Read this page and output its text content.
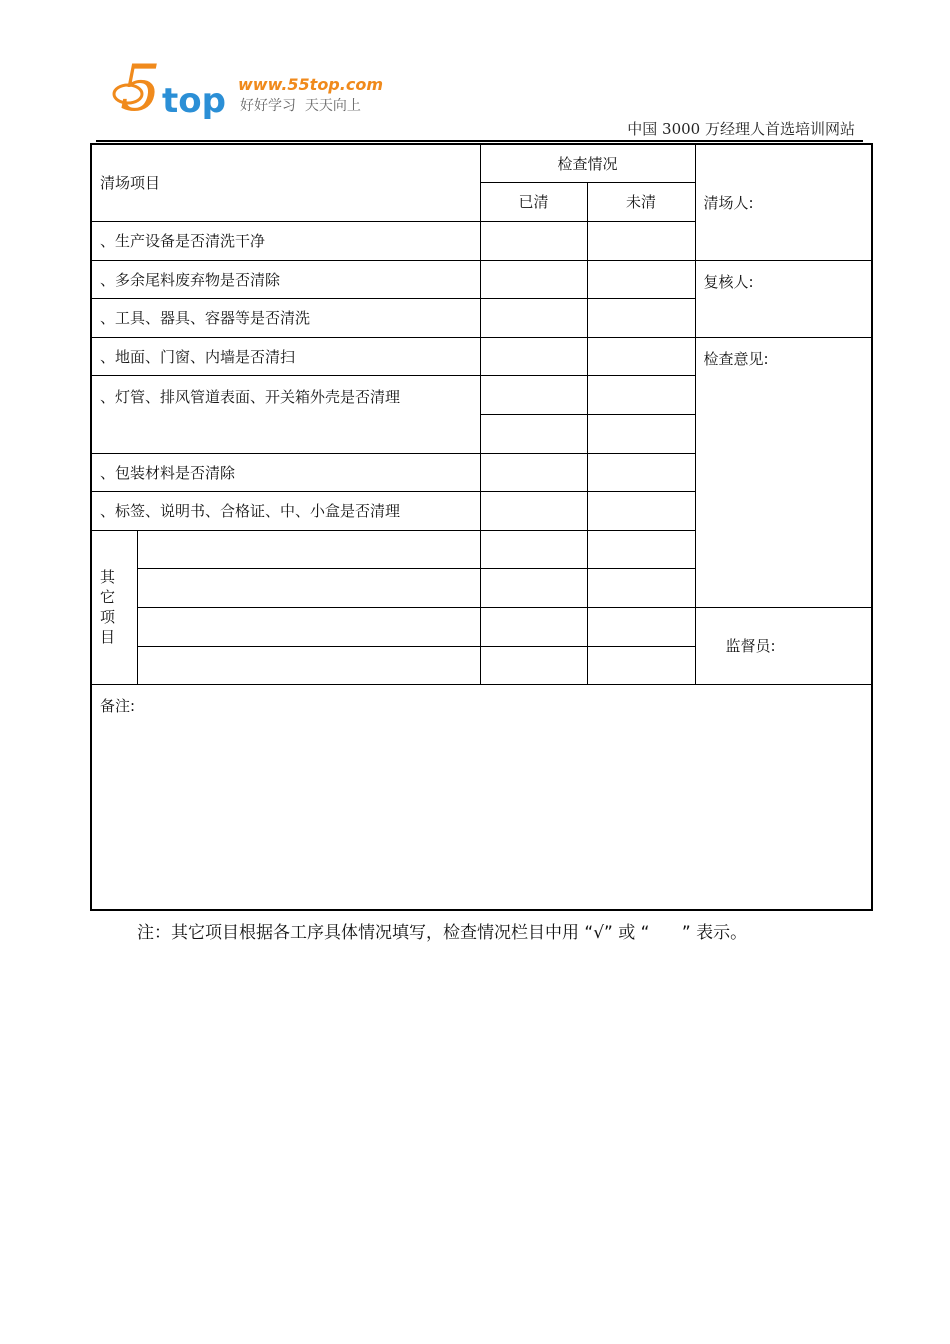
5 top www.55top.com
好好学习  天天向上
中国 3000 万经理人首选培训网站
清场项目		检查情况		清场人:
		已清	未清	
、生产设备是否清洗干净				
、多余尾料废弃物是否清除				复核人:
、工具、器具、容器等是否清洗				
、地面、门窗、内墙是否清扫				检查意见:
、灯管、排风管道表面、开关箱外壳是否清理				

、包装材料是否清除				
、标签、说明书、合格证、中、小盒是否清理				

其
它
项
目				

				监督员:

备注:				
注：其它项目根据各工序具体情况填写，检查情况栏目中用 “√” 或 “      ” 表示。
